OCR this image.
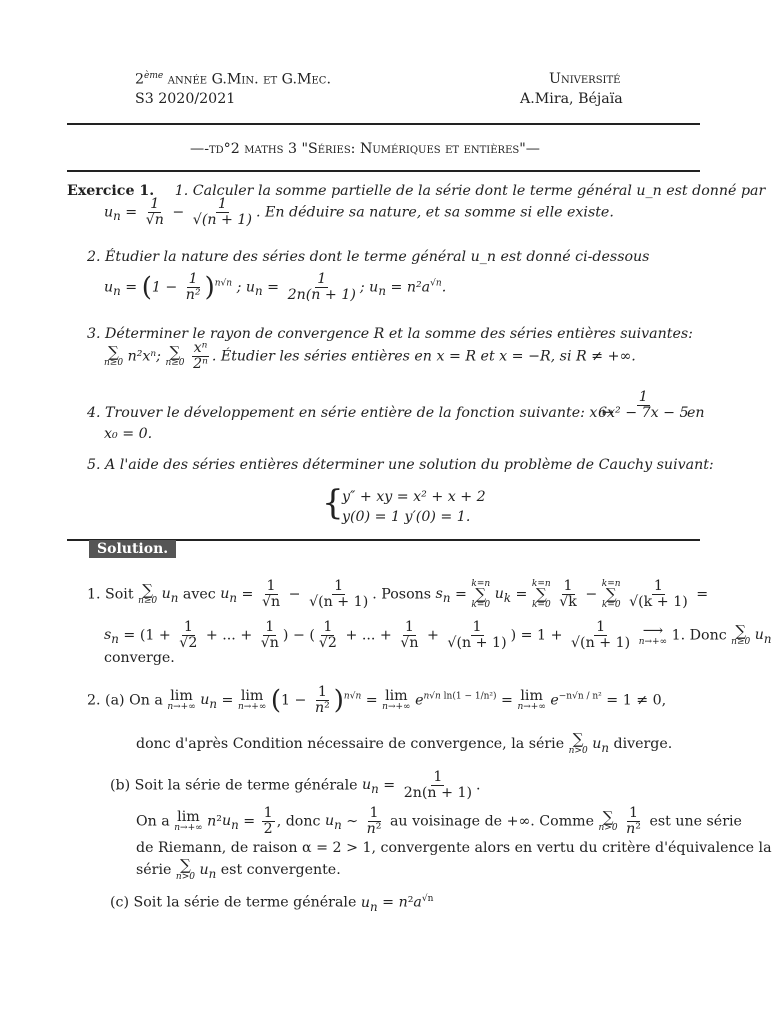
2ème année G.Min. et G.Mec.
S3 2020/2021
Université
A.Mira, Béjaïa
—-td°2 maths 3 "Séries: Numériques et entières"—
Exercice 1. 1. Calculer la somme partielle de la série dont le terme général u_n est donné par
$u_n = \frac{1}{√n} - \frac{1}{√(n + 1)}$ . En déduire sa nature, et sa somme si elle existe.
2. Étudier la nature des séries dont le terme général u_n est donné ci-dessous
$u_n = (1 - \frac{1}{\text{n²}} )^{n√n}$ ; $u_n = \frac{1}{2n(n + 1)}$ ; $u_n = n^2a^{√n}$.
3. Déterminer le rayon de convergence R et la somme des séries entières suivantes:
∑
n≥0 n²xⁿ; ∑
n≥0
$\frac{\text{xⁿ}}{\text{2ⁿ}}$ . Étudier les séries entières en x = R et x = −R, si R ≠ +∞.
4. Trouver le développement en série entière de la fonction suivante: x ↦
$\frac{1}{\text{6x² − 7x − 5}}$
en
x₀ = 0.
5. A l'aide des séries entières déterminer une solution du problème de Cauchy suivant:
{
y″ + xy = x² + x + 2
y(0) = 1 y′(0) = 1.
Solution.
1. Soit ∑
n≥0 $u_n$ avec $u_n = \frac{1}{√n} - \frac{1}{√(n + 1)}$ . Posons $s_n$ =
k=n
∑
k=0
$u_k$ =
k=n
∑
k=0
$\frac{1}{√k}$ −
k=n
∑
k=0
$\frac{1}{√(k + 1)}$ =
$s_n = (1 + \frac{1}{√2}$ + ... + $\frac{1}{√n}$ ) − ( $\frac{1}{√2}$ + ... + $\frac{1}{√n} + \frac{1}{√(n + 1)}$ ) = $1 + \frac{1}{√(n + 1)}$
⟶
n→+∞ 1. Donc ∑
n≥0 $u_n$
converge.
2. (a) On a lim
n→+∞ $u_n = \lim$
n→+∞ $(1 - \frac{1}{\text{n²}} )^{n√n} = \lim$
n→+∞ $e^{n√n ln(1 - 1/n^2)} = \lim$
n→+∞ $e^{-n√n / n^2} = 1 \ne 0$,
donc d'après Condition nécessaire de convergence, la série ∑
n>0 $u_n$ diverge.
(b) Soit la série de terme générale $u_n = \frac{1}{2n(n + 1)}$ .
On a lim
n→+∞ $n^2u_n = \frac{1}{2}$ , donc $u_n$ ∼ $\frac{1}{\text{n²}}$ au voisinage de +∞. Comme ∑
n>0
$\frac{1}{\text{n²}}$ est une série
de Riemann, de raison α = 2 > 1, convergente alors en vertu du critère d'équivalence la
série ∑
n>0 $u_n$ est convergente.
(c) Soit la série de terme générale $u_n = n^2a^{√n}$
